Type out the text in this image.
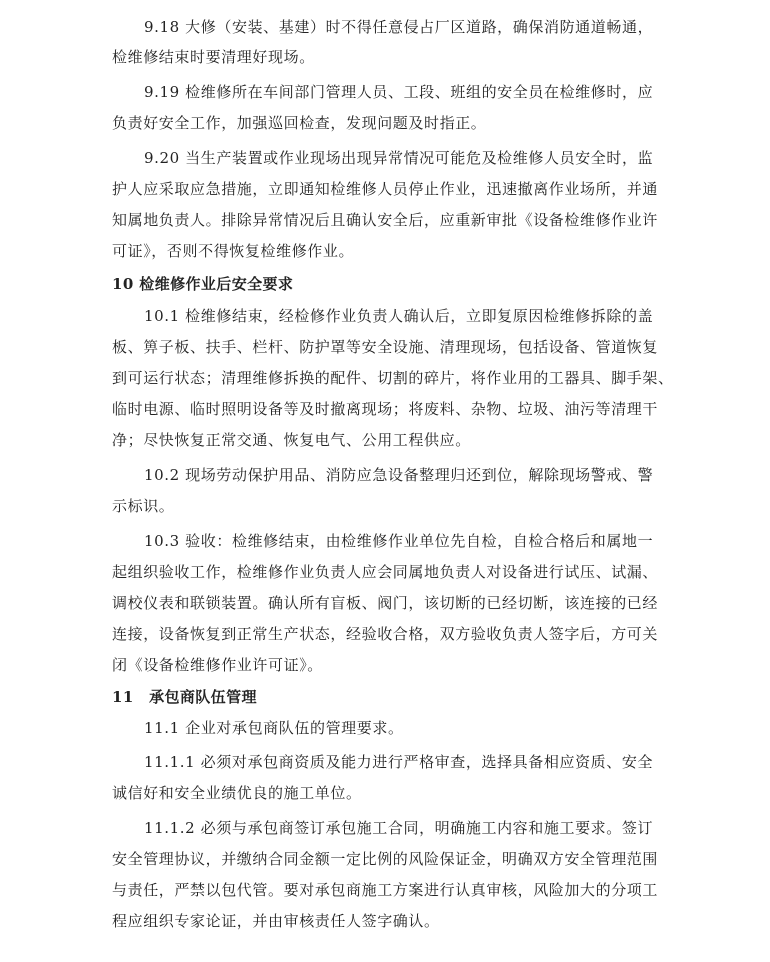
9.18 大修（安装、基建）时不得任意侵占厂区道路，确保消防通道畅通，
检维修结束时要清理好现场。
9.19 检维修所在车间部门管理人员、工段、班组的安全员在检维修时，应
负责好安全工作，加强巡回检查，发现问题及时指正。
9.20 当生产装置或作业现场出现异常情况可能危及检维修人员安全时，监
护人应采取应急措施，立即通知检维修人员停止作业，迅速撤离作业场所，并通
知属地负责人。排除异常情况后且确认安全后，应重新审批《设备检维修作业许
可证》，否则不得恢复检维修作业。
10 检维修作业后安全要求
10.1 检维修结束，经检修作业负责人确认后，立即复原因检维修拆除的盖
板、箅子板、扶手、栏杆、防护罩等安全设施、清理现场，包括设备、管道恢复
到可运行状态；清理维修拆换的配件、切割的碎片，将作业用的工器具、脚手架、
临时电源、临时照明设备等及时撤离现场；将废料、杂物、垃圾、油污等清理干
净；尽快恢复正常交通、恢复电气、公用工程供应。
10.2 现场劳动保护用品、消防应急设备整理归还到位，解除现场警戒、警
示标识。
10.3 验收：检维修结束，由检维修作业单位先自检，自检合格后和属地一
起组织验收工作，检维修作业负责人应会同属地负责人对设备进行试压、试漏、
调校仪表和联锁装置。确认所有盲板、阀门，该切断的已经切断，该连接的已经
连接，设备恢复到正常生产状态，经验收合格，双方验收负责人签字后，方可关
闭《设备检维修作业许可证》。
11　承包商队伍管理
11.1 企业对承包商队伍的管理要求。
11.1.1 必须对承包商资质及能力进行严格审查，选择具备相应资质、安全
诚信好和安全业绩优良的施工单位。
11.1.2 必须与承包商签订承包施工合同，明确施工内容和施工要求。签订
安全管理协议，并缴纳合同金额一定比例的风险保证金，明确双方安全管理范围
与责任，严禁以包代管。要对承包商施工方案进行认真审核，风险加大的分项工
程应组织专家论证，并由审核责任人签字确认。
